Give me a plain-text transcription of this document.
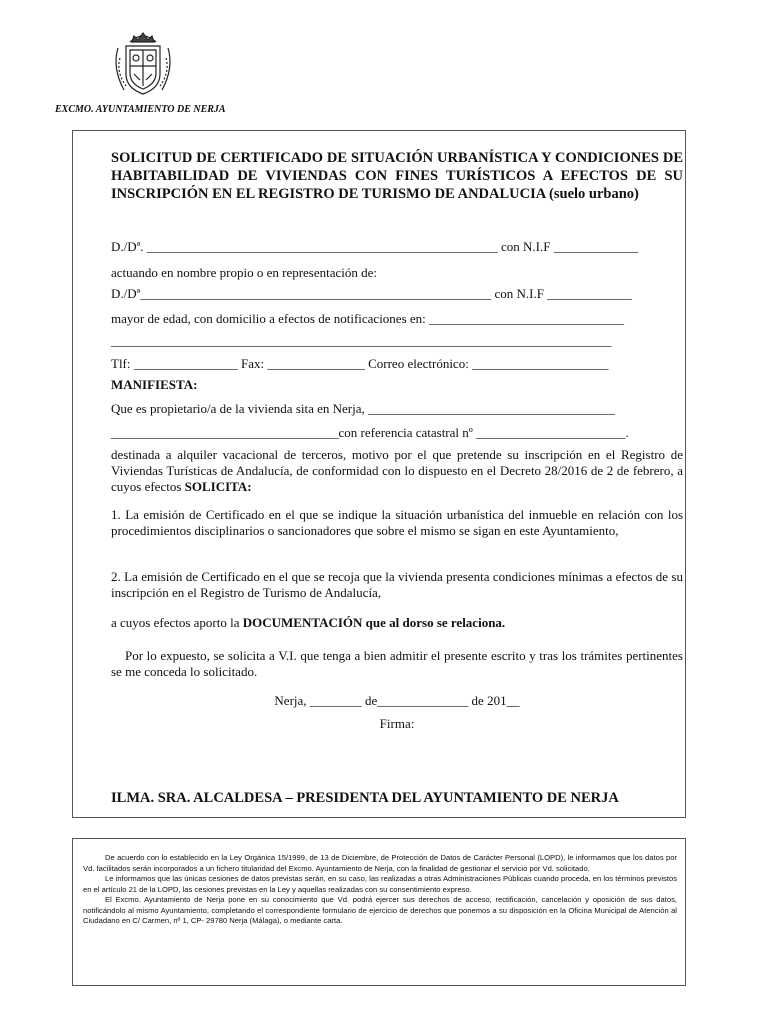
EXCMO. AYUNTAMIENTO DE NERJA
SOLICITUD DE CERTIFICADO DE SITUACIÓN URBANÍSTICA Y CONDICIONES DE HABITABILIDAD DE VIVIENDAS CON FINES TURÍSTICOS A EFECTOS DE SU INSCRIPCIÓN EN EL REGISTRO DE TURISMO DE ANDALUCIA (suelo urbano)
D./Dª. ______________________________________________________ con N.I.F _____________
actuando en nombre propio o en representación de:
D./Dª______________________________________________________ con N.I.F _____________
mayor de edad, con domicilio a efectos de notificaciones en: ______________________________
_____________________________________________________________________________
Tlf: ________________ Fax: _______________ Correo electrónico: _____________________
MANIFIESTA:
Que es propietario/a de la vivienda sita en Nerja, ______________________________________
___________________________________con referencia catastral nº _______________________.
destinada a alquiler vacacional de terceros, motivo por el que pretende su inscripción en el Registro de Viviendas Turísticas de Andalucía, de conformidad con lo dispuesto en el Decreto 28/2016 de 2 de febrero, a cuyos efectos SOLICITA:
1. La emisión de Certificado en el que se indique la situación urbanística del inmueble en relación con los procedimientos disciplinarios o sancionadores que sobre el mismo se sigan en este Ayuntamiento,
2. La emisión de Certificado en el que se recoja que la vivienda presenta condiciones mínimas a efectos de su inscripción en el Registro de Turismo de Andalucía,
a cuyos efectos aporto la DOCUMENTACIÓN que al dorso se relaciona.
Por lo expuesto, se solicita a V.I. que tenga a bien admitir el presente escrito y tras los trámites pertinentes se me conceda lo solicitado.
Nerja, ________ de______________ de 201__
Firma:
ILMA. SRA. ALCALDESA – PRESIDENTA DEL AYUNTAMIENTO DE NERJA

De acuerdo con lo establecido en la Ley Orgánica 15/1999, de 13 de Diciembre, de Protección de Datos de Carácter Personal (LOPD), le informamos que los datos por Vd. facilitados serán incorporados a un fichero titularidad del Excmo. Ayuntamiento de Nerja, con la finalidad de gestionar el servicio por Vd. solicitado.

Le informamos que las únicas cesiones de datos previstas serán, en su caso, las realizadas a otras Administraciones Públicas cuando proceda, en los términos previstos en el artículo 21 de la LOPD, las cesiones previstas en la Ley y aquellas realizadas con su consentimiento expreso.

El Excmo. Ayuntamiento de Nerja pone en su conocimiento que Vd. podrá ejercer sus derechos de acceso, rectificación, cancelación y oposición de sus datos, notificándolo al mismo Ayuntamiento, completando el correspondiente formulario de ejercicio de derechos que ponemos a su disposición en la Oficina Municipal de Atención al Ciudadano en C/ Carmen, nº 1, CP- 29780 Nerja (Málaga), o mediante carta.
